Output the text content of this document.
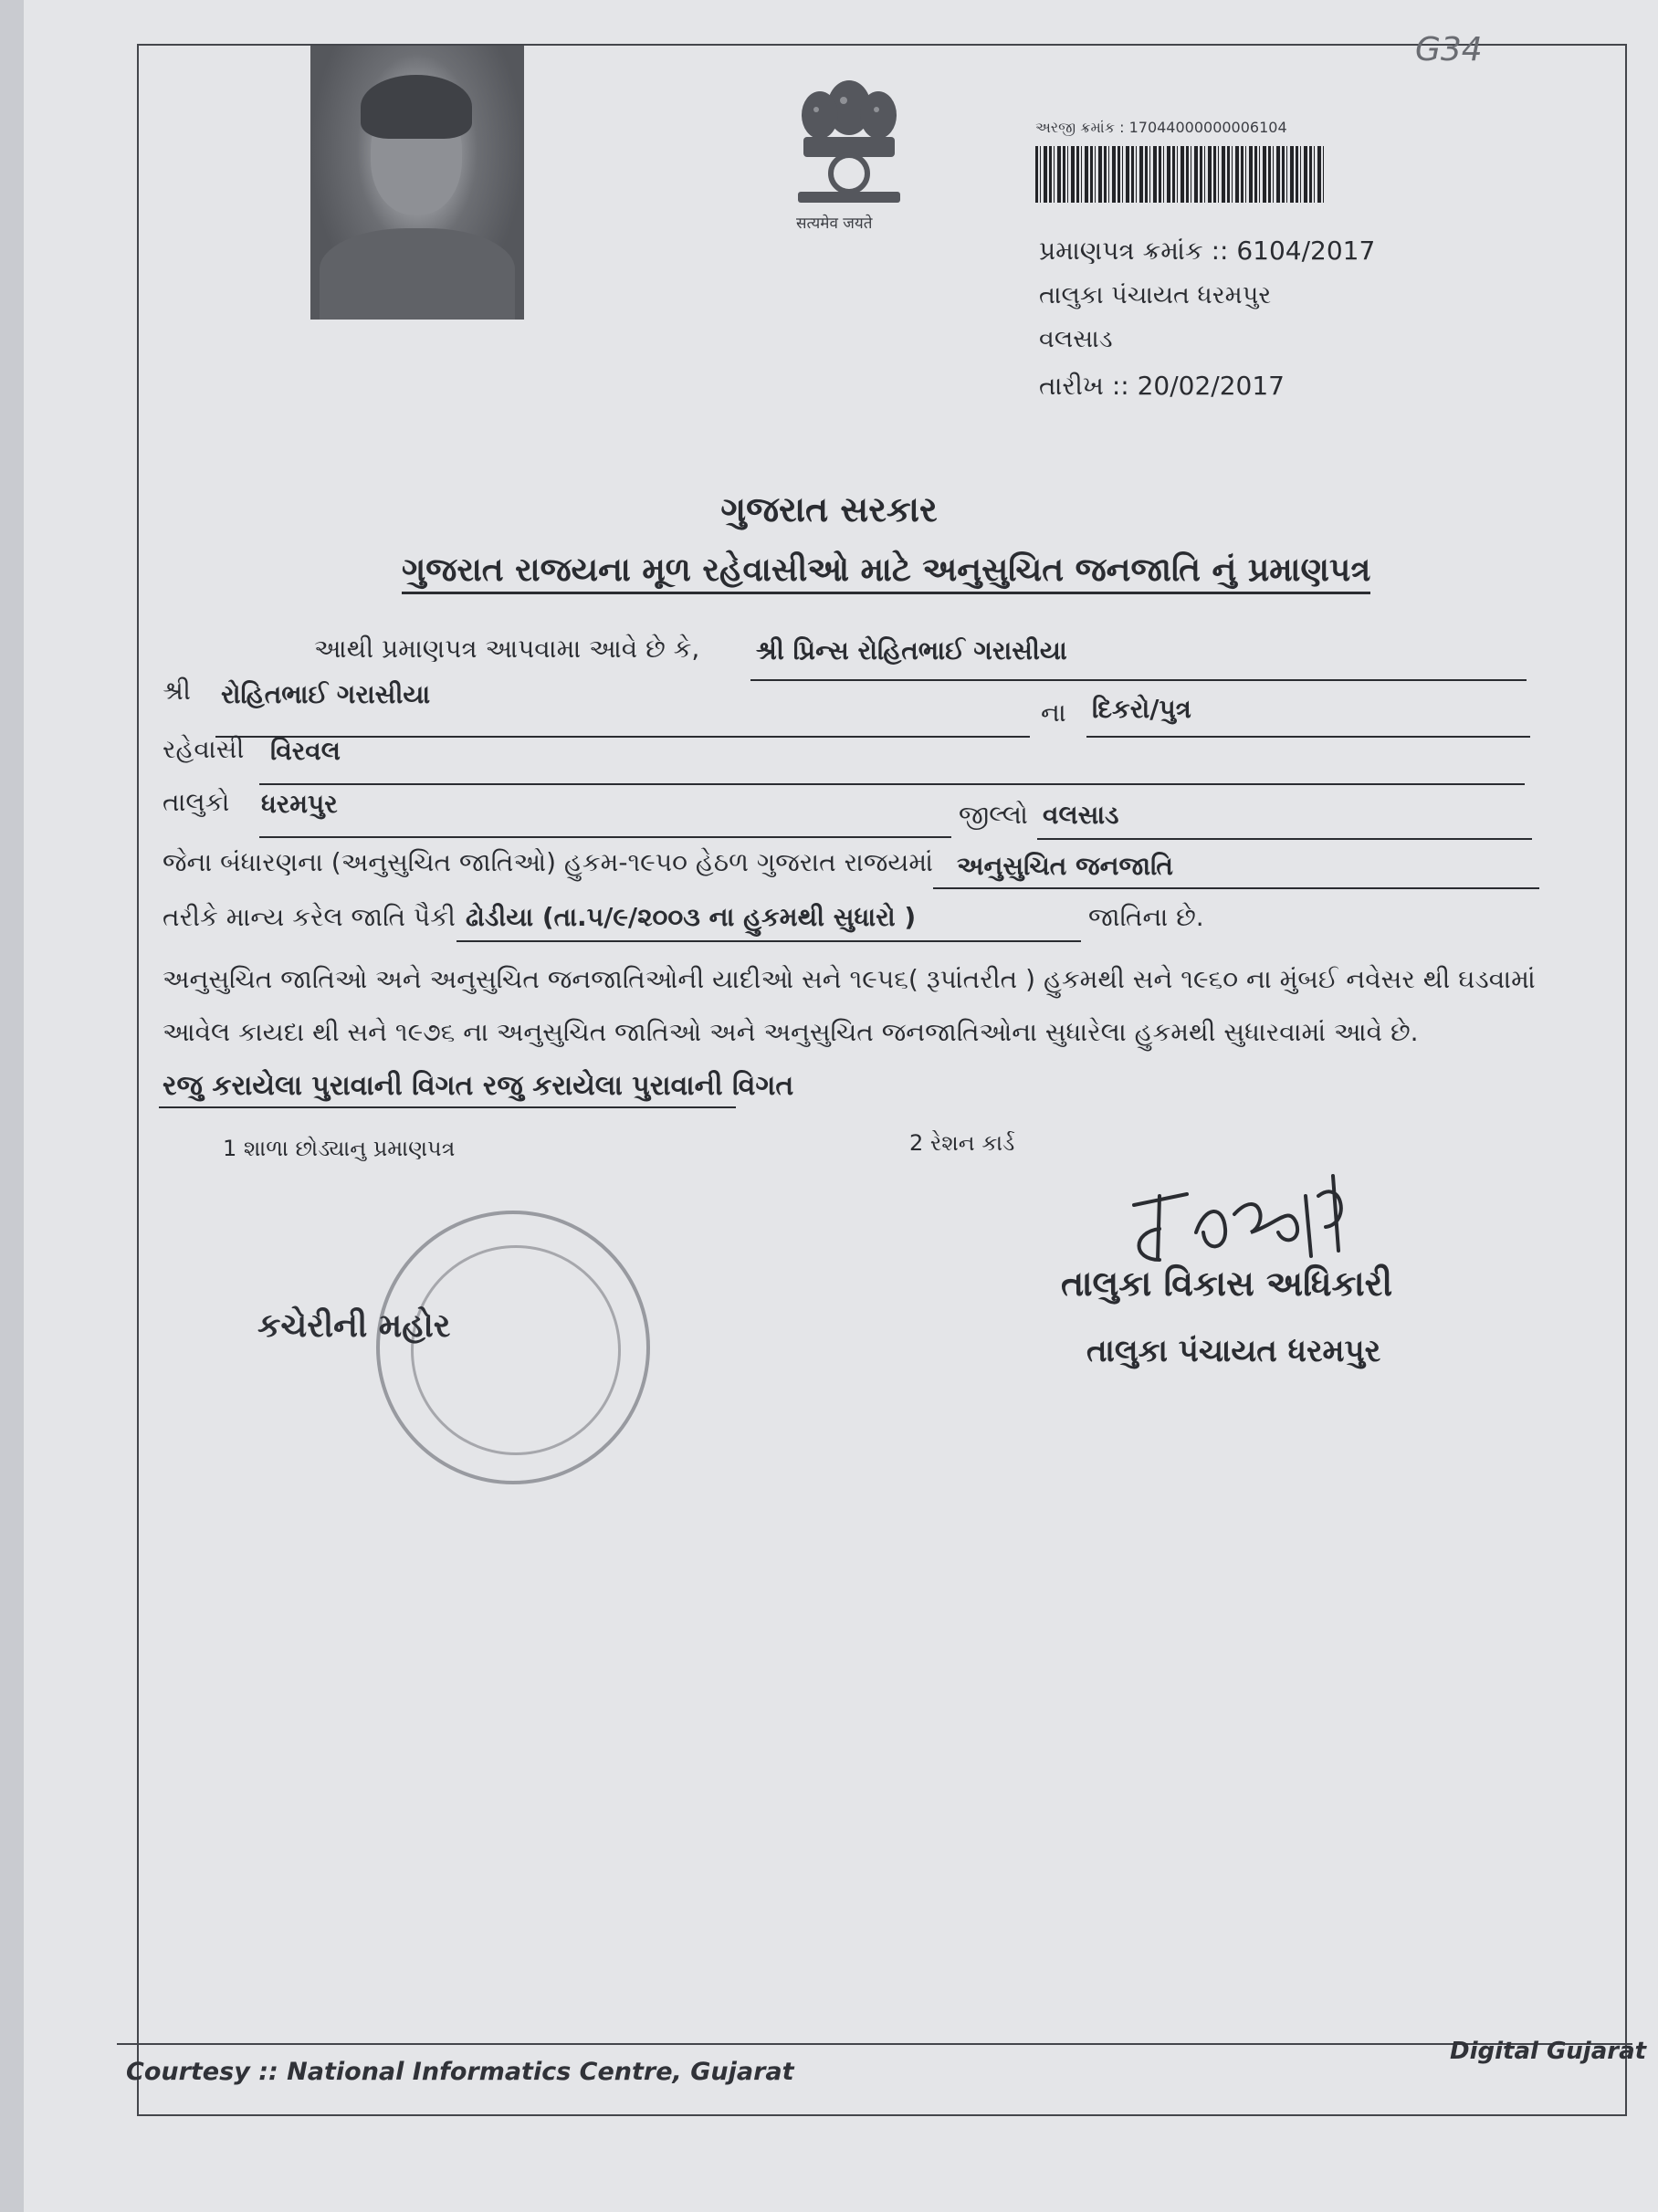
G34
सत्यमेव जयते
અરજી ક્રમાંક : 17044000000006104
પ્રમાણપત્ર ક્રમાંક :: 6104/2017
તાલુકા પંચાયત ધરમપુર
વલસાડ
તારીખ :: 20/02/2017
ગુજરાત સરકાર
ગુજરાત રાજયના મૂળ રહેવાસીઓ માટે અનુસુચિત જનજાતિ નું પ્રમાણપત્ર
આથી પ્રમાણપત્ર આપવામા આવે છે કે, શ્રી પ્રિન્સ રોહિતભાઈ ગરાસીયા
શ્રી રોહિતભાઈ ગરાસીયા
ના દિકરો/પુત્ર
રહેવાસી વિરવલ
તાલુકો ધરમપુર	જીલ્લો વલસાડ
જેના બંધારણના (અનુસુચિત જાતિઓ) હુકમ-૧૯૫૦ હેઠળ ગુજરાત રાજયમાં અનુસુચિત જનજાતિ
તરીકે માન્ય કરેલ જાતિ પૈકી ઢોડીયા (તા.૫/૯/૨૦૦૩ ના હુકમથી સુધારો )	જાતિના છે.
અનુસુચિત જાતિઓ અને અનુસુચિત જનજાતિઓની યાદીઓ સને ૧૯૫૬( રૂપાંતરીત ) હુકમથી સને ૧૯૬૦ ના મુંબઈ નવેસર થી ઘડવામાં
આવેલ કાયદા થી સને ૧૯૭૬ ના અનુસુચિત જાતિઓ અને અનુસુચિત જનજાતિઓના સુધારેલા હુકમથી સુધારવામાં આવે છે.
રજુ કરાયેલા પુરાવાની વિગત રજુ કરાયેલા પુરાવાની વિગત
1 શાળા છોડ્યાનુ પ્રમાણપત્ર	2 રેશન કાર્ડ
કચેરીની મહોર
તાલુકા વિકાસ અધિકારી
તાલુકા પંચાયત ધરમપુર
Courtesy :: National Informatics Centre, Gujarat
Digital Gujarat
